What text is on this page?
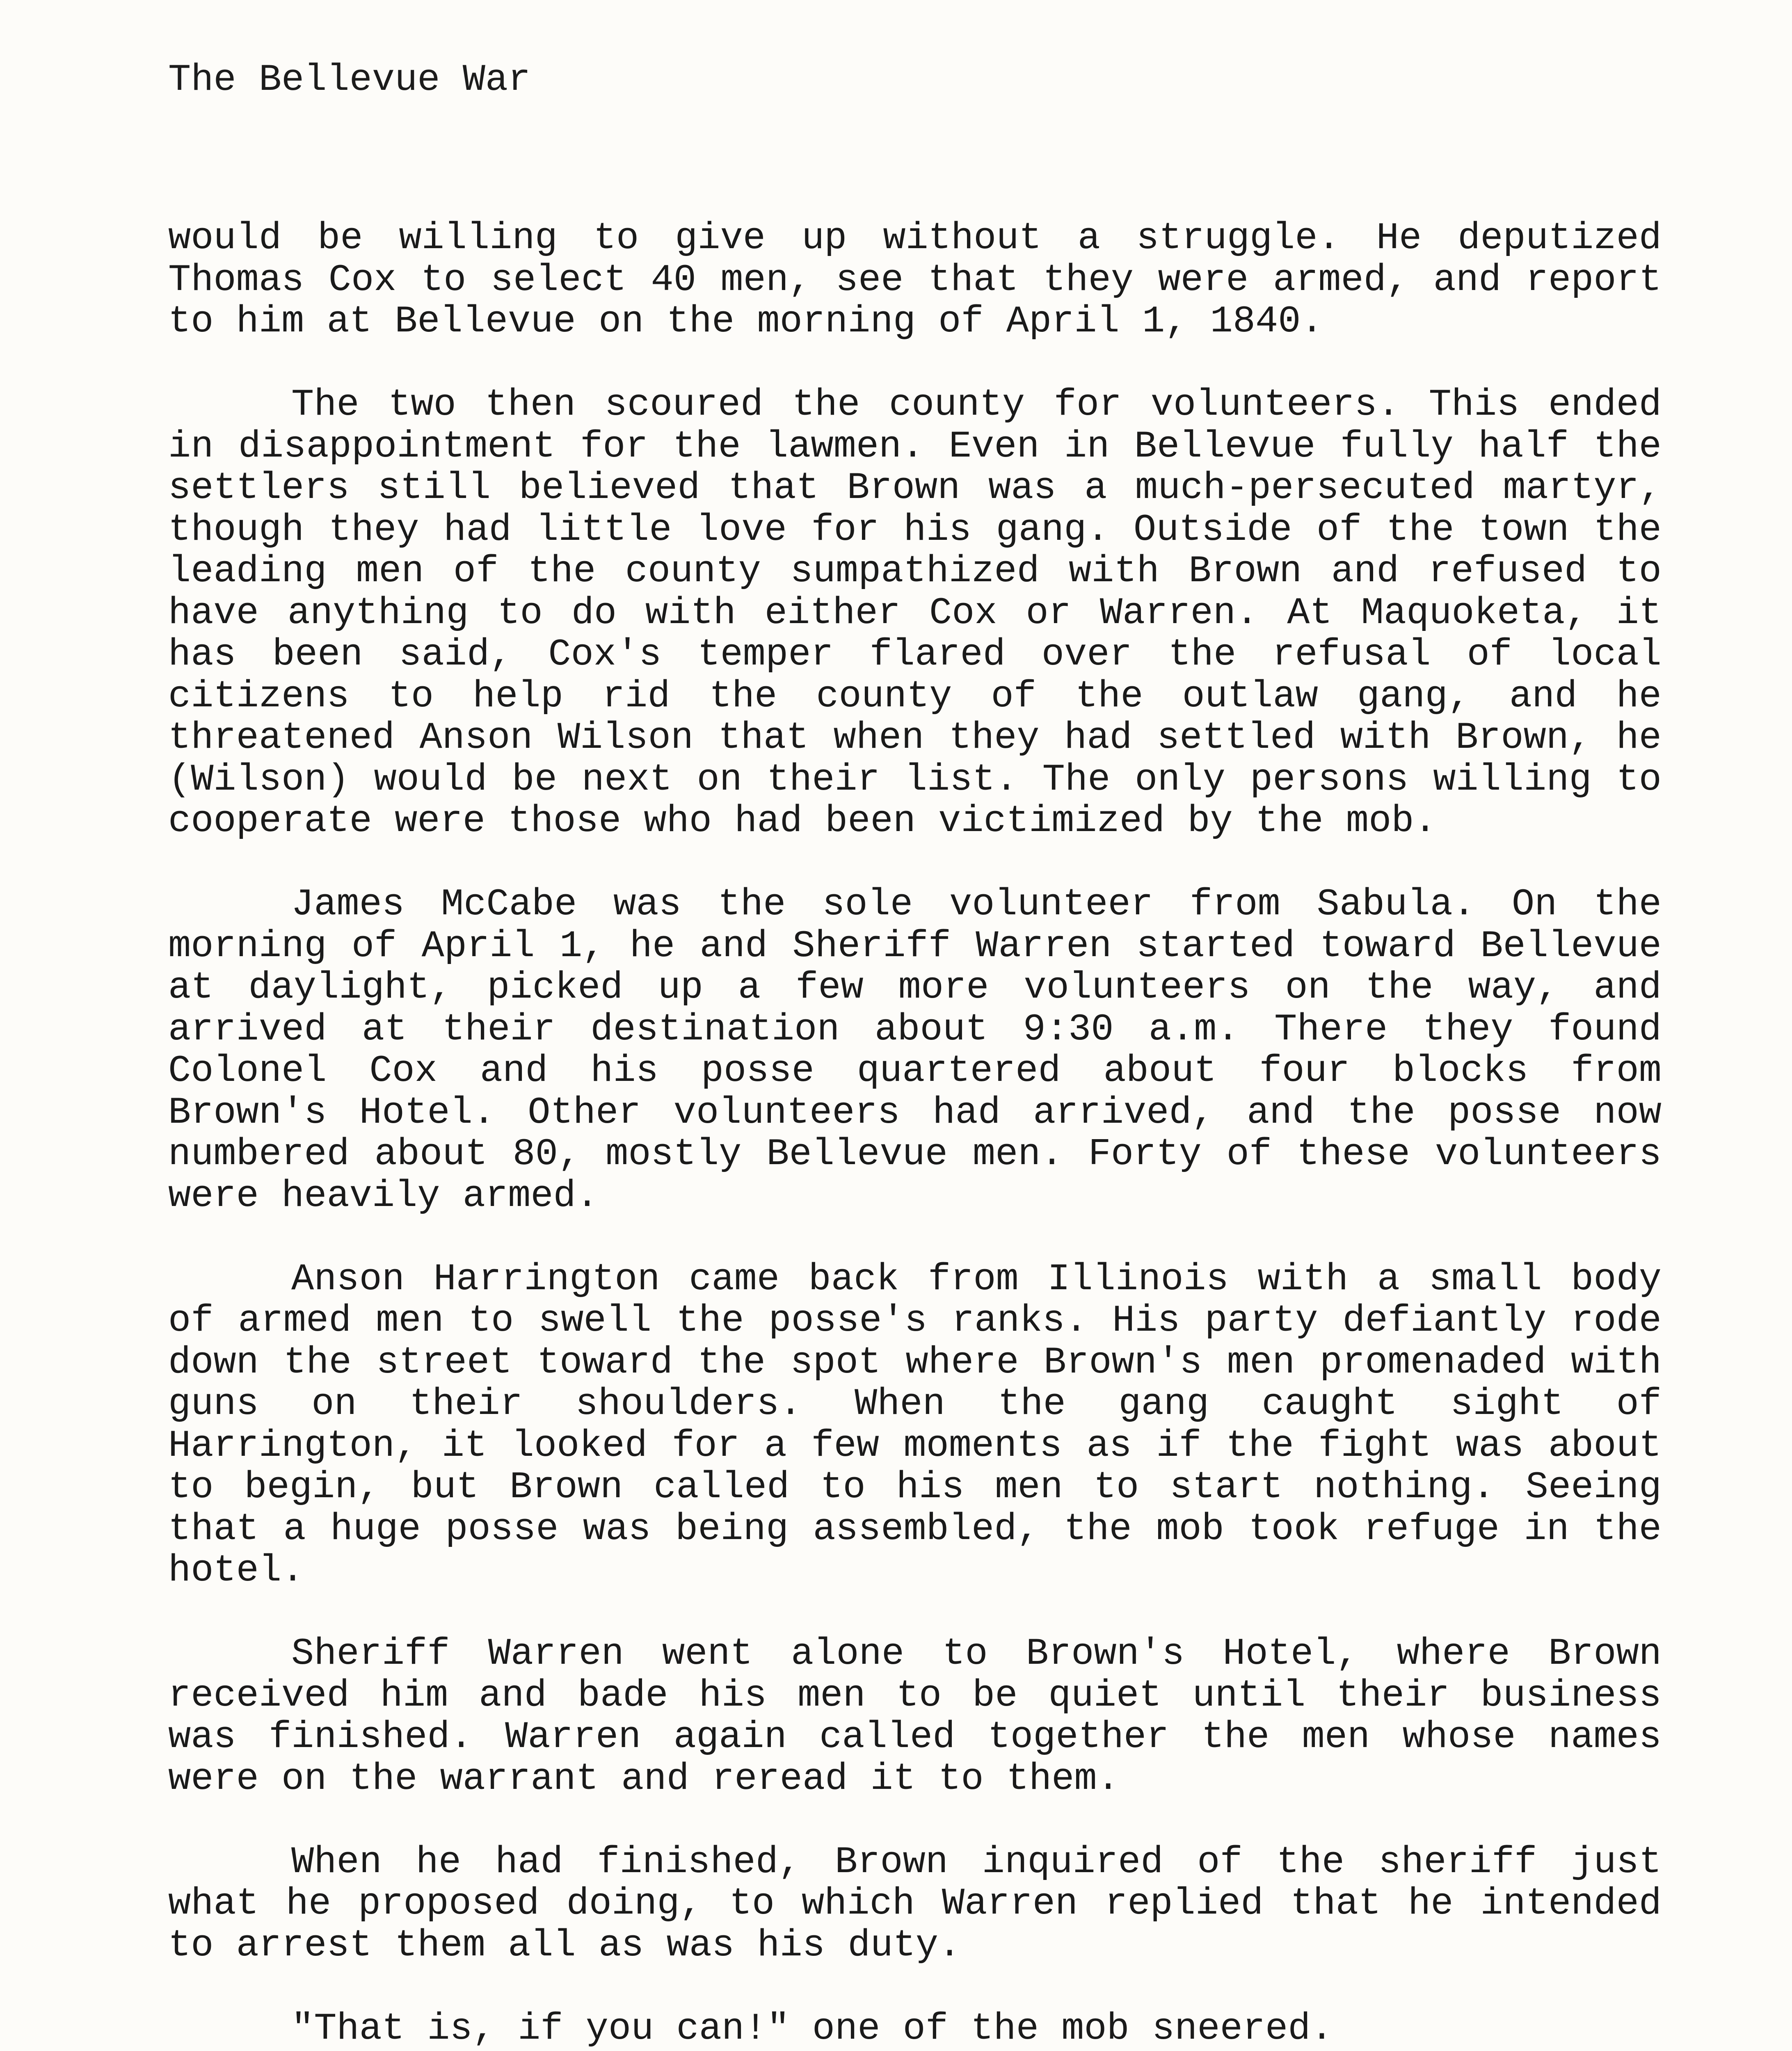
The Bellevue War

would be willing to give up without a struggle. He deputized Thomas Cox to select 40 men, see that they were armed, and report to him at Bellevue on the morning of April 1, 1840.

The two then scoured the county for volunteers. This ended in disappointment for the lawmen. Even in Bellevue fully half the settlers still believed that Brown was a much-persecuted martyr, though they had little love for his gang. Outside of the town the leading men of the county sumpathized with Brown and refused to have anything to do with either Cox or Warren. At Maquoketa, it has been said, Cox's temper flared over the refusal of local citizens to help rid the county of the outlaw gang, and he threatened Anson Wilson that when they had settled with Brown, he (Wilson) would be next on their list. The only persons willing to cooperate were those who had been victimized by the mob.

James McCabe was the sole volunteer from Sabula. On the morning of April 1, he and Sheriff Warren started toward Bellevue at daylight, picked up a few more volunteers on the way, and arrived at their destination about 9:30 a.m. There they found Colonel Cox and his posse quartered about four blocks from Brown's Hotel. Other volunteers had arrived, and the posse now numbered about 80, mostly Bellevue men. Forty of these volunteers were heavily armed.

Anson Harrington came back from Illinois with a small body of armed men to swell the posse's ranks. His party defiantly rode down the street toward the spot where Brown's men promenaded with guns on their shoulders. When the gang caught sight of Harrington, it looked for a few moments as if the fight was about to begin, but Brown called to his men to start nothing. Seeing that a huge posse was being assembled, the mob took refuge in the hotel.

Sheriff Warren went alone to Brown's Hotel, where Brown received him and bade his men to be quiet until their business was finished. Warren again called together the men whose names were on the warrant and reread it to them.

When he had finished, Brown inquired of the sheriff just what he proposed doing, to which Warren replied that he intended to arrest them all as was his duty.

"That is, if you can!" one of the mob sneered.
